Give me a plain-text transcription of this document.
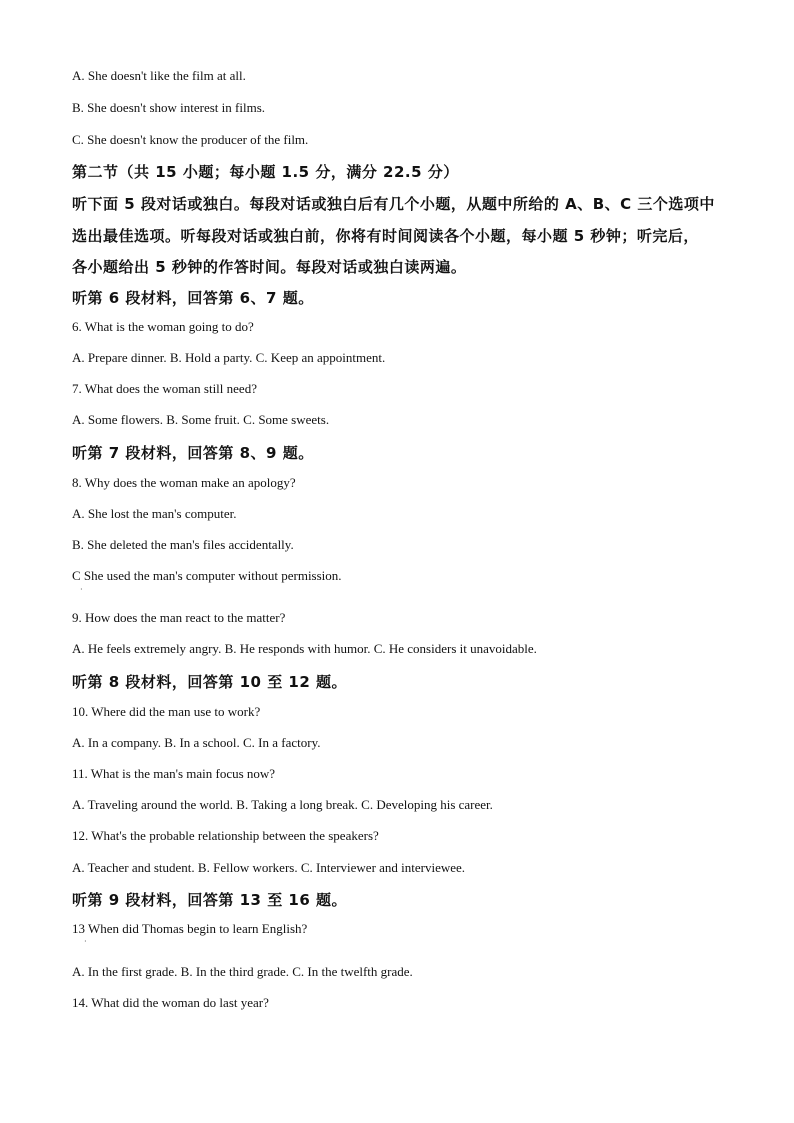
A. She doesn't like the film at all.
B. She doesn't show interest in films.
C. She doesn't know the producer of the film.
第二节（共 15 小题；每小题 1.5 分，满分 22.5 分）
听下面 5 段对话或独白。每段对话或独白后有几个小题，从题中所给的 A、B、C 三个选项中
选出最佳选项。听每段对话或独白前，你将有时间阅读各个小题，每小题 5 秒钟；听完后，
各小题给出 5 秒钟的作答时间。每段对话或独白读两遍。
听第 6 段材料，回答第 6、7 题。
6. What is the woman going to do?
A. Prepare dinner. B. Hold a party. C. Keep an appointment.
7. What does the woman still need?
A. Some flowers. B. Some fruit. C. Some sweets.
听第 7 段材料，回答第 8、9 题。
8. Why does the woman make an apology?
A. She lost the man's computer.
B. She deleted the man's files accidentally.
C She used the man's computer without permission.
·
9. How does the man react to the matter?
A. He feels extremely angry. B. He responds with humor. C. He considers it unavoidable.
听第 8 段材料，回答第 10 至 12 题。
10. Where did the man use to work?
A. In a company. B. In a school. C. In a factory.
11. What is the man's main focus now?
A. Traveling around the world. B. Taking a long break. C. Developing his career.
12. What's the probable relationship between the speakers?
A. Teacher and student. B. Fellow workers. C. Interviewer and interviewee.
听第 9 段材料，回答第 13 至 16 题。
13 When did Thomas begin to learn English?
·
A. In the first grade. B. In the third grade. C. In the twelfth grade.
14. What did the woman do last year?
